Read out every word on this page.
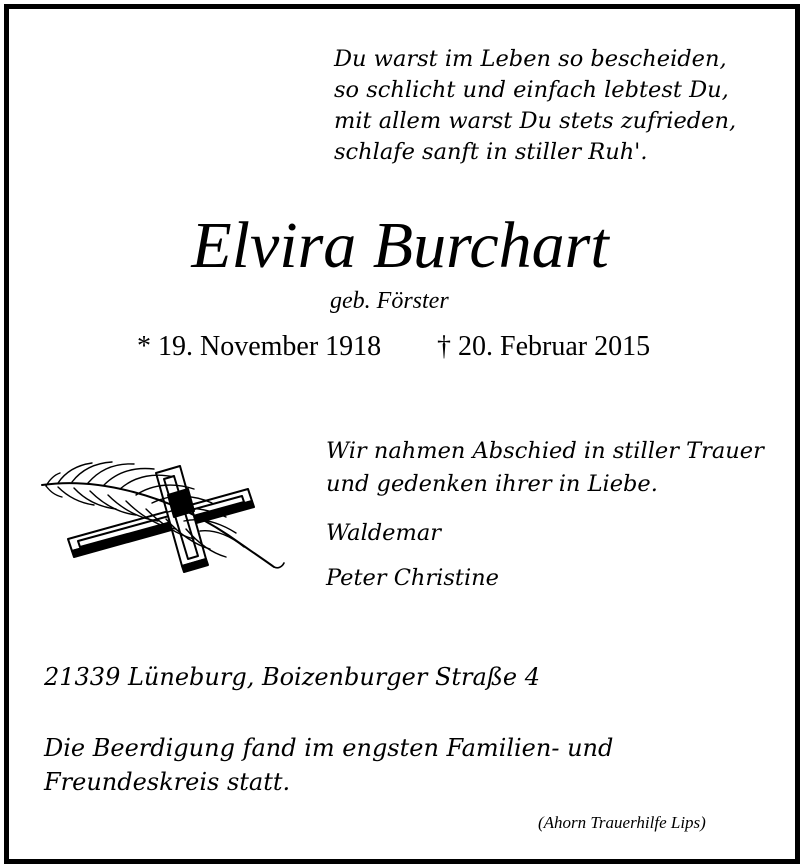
Du warst im Leben so bescheiden,
so schlicht und einfach lebtest Du,
mit allem warst Du stets zufrieden,
schlafe sanft in stiller Ruh'.
Elvira Burchart
geb. Förster
* 19. November 1918 † 20. Februar 2015
Wir nahmen Abschied in stiller Trauer
und gedenken ihrer in Liebe.
Waldemar
Peter Christine
21339 Lüneburg, Boizenburger Straße 4
Die Beerdigung fand im engsten Familien- und
Freundeskreis statt.
(Ahorn Trauerhilfe Lips)
